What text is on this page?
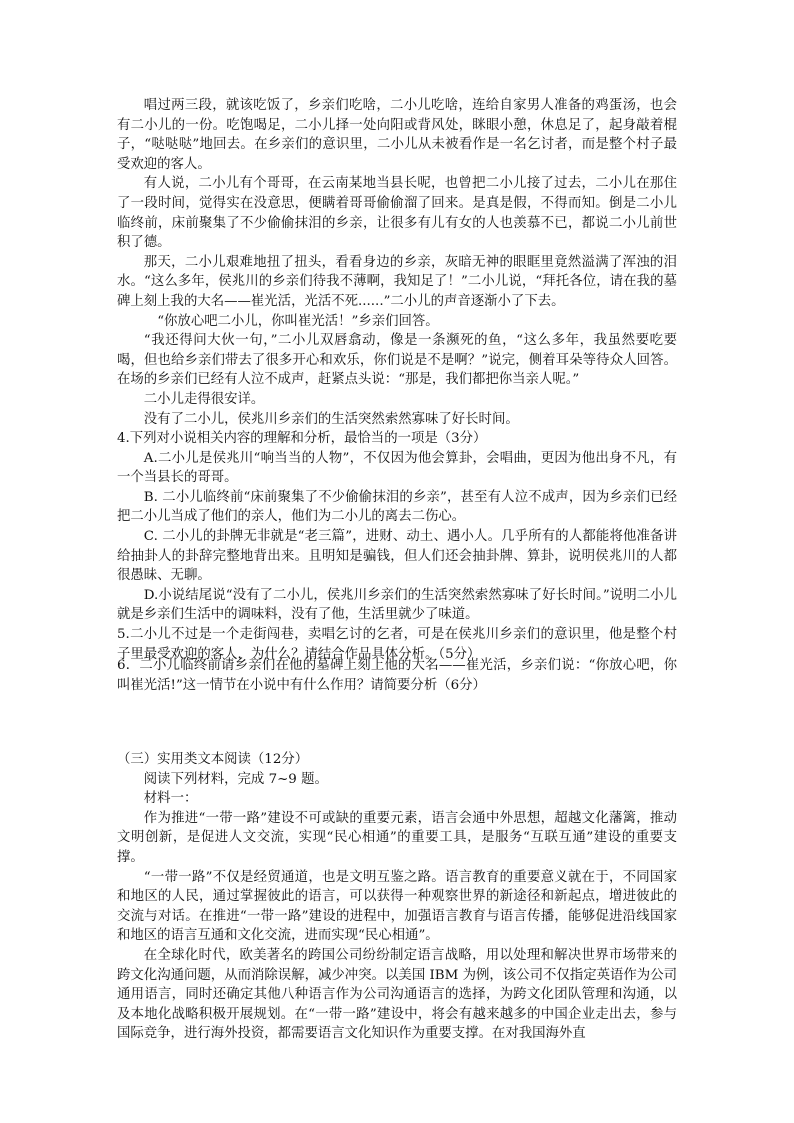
唱过两三段，就该吃饭了，乡亲们吃啥，二小儿吃啥，连给自家男人准备的鸡蛋汤，也会有二小儿的一份。吃饱喝足，二小儿择一处向阳或背风处，眯眼小憩，休息足了，起身敲着棍子，“哒哒哒”地回去。在乡亲们的意识里，二小儿从未被看作是一名乞讨者，而是整个村子最受欢迎的客人。

有人说，二小儿有个哥哥，在云南某地当县长呢，也曾把二小儿接了过去，二小儿在那住了一段时间，觉得实在没意思，便瞒着哥哥偷偷溜了回来。是真是假，不得而知。倒是二小儿临终前，床前聚集了不少偷偷抹泪的乡亲，让很多有儿有女的人也羡慕不已，都说二小儿前世积了德。

那天，二小儿艰难地扭了扭头，看看身边的乡亲，灰暗无神的眼眶里竟然溢满了浑浊的泪水。“这么多年，侯兆川的乡亲们待我不薄啊，我知足了！”二小儿说，“拜托各位，请在我的墓碑上刻上我的大名——崔光活，光活不死......”二小儿的声音逐渐小了下去。

“你放心吧二小儿，你叫崔光活！”乡亲们回答。

“我还得问大伙一句，”二小儿双唇翕动，像是一条濒死的鱼，“这么多年，我虽然要吃要喝，但也给乡亲们带去了很多开心和欢乐，你们说是不是啊？”说完，侧着耳朵等待众人回答。在场的乡亲们已经有人泣不成声，赶紧点头说：“那是，我们都把你当亲人呢。”

二小儿走得很安详。

没有了二小儿，侯兆川乡亲们的生活突然索然寡味了好长时间。

4.下列对小说相关内容的理解和分析，最恰当的一项是（3分）

A.二小儿是侯兆川“响当当的人物”，不仅因为他会算卦，会唱曲，更因为他出身不凡，有一个当县长的哥哥。

B. 二小儿临终前“床前聚集了不少偷偷抹泪的乡亲”，甚至有人泣不成声，因为乡亲们已经把二小儿当成了他们的亲人，他们为二小儿的离去二伤心。

C. 二小儿的卦牌无非就是“老三篇”，进财、动土、遇小人。几乎所有的人都能将他准备讲给抽卦人的卦辞完整地背出来。且明知是骗钱，但人们还会抽卦牌、算卦，说明侯兆川的人都很愚昧、无聊。

D.小说结尾说“没有了二小儿，侯兆川乡亲们的生活突然索然寡味了好长时间。”说明二小儿就是乡亲们生活中的调味料，没有了他，生活里就少了味道。

5.二小儿不过是一个走街闯巷，卖唱乞讨的乞者，可是在侯兆川乡亲们的意识里，他是整个村子里最受欢迎的客人，为什么？请结合作品具体分析。（5分）

6．二小儿临终前请乡亲们在他的墓碑上刻上他的大名——崔光活，乡亲们说：“你放心吧，你叫崔光活!”这一情节在小说中有什么作用？请简要分析（6分）

（三）实用类文本阅读（12分）

阅读下列材料，完成 7~9 题。

材料一：

作为推进“一带一路”建设不可或缺的重要元素，语言会通中外思想，超越文化藩篱，推动文明创新，是促进人文交流，实现“民心相通”的重要工具，是服务“互联互通”建设的重要支撑。

“一带一路”不仅是经贸通道，也是文明互鉴之路。语言教育的重要意义就在于，不同国家和地区的人民，通过掌握彼此的语言，可以获得一种观察世界的新途径和新起点，增进彼此的交流与对话。在推进“一带一路”建设的进程中，加强语言教育与语言传播，能够促进沿线国家和地区的语言互通和文化交流，进而实现“民心相通”。

在全球化时代，欧美著名的跨国公司纷纷制定语言战略，用以处理和解决世界市场带来的跨文化沟通问题，从而消除误解，减少冲突。以美国 IBM 为例，该公司不仅指定英语作为公司通用语言，同时还确定其他八种语言作为公司沟通语言的选择，为跨文化团队管理和沟通，以及本地化战略积极开展规划。在“一带一路”建设中，将会有越来越多的中国企业走出去，参与国际竞争，进行海外投资，都需要语言文化知识作为重要支撑。在对我国海外直
